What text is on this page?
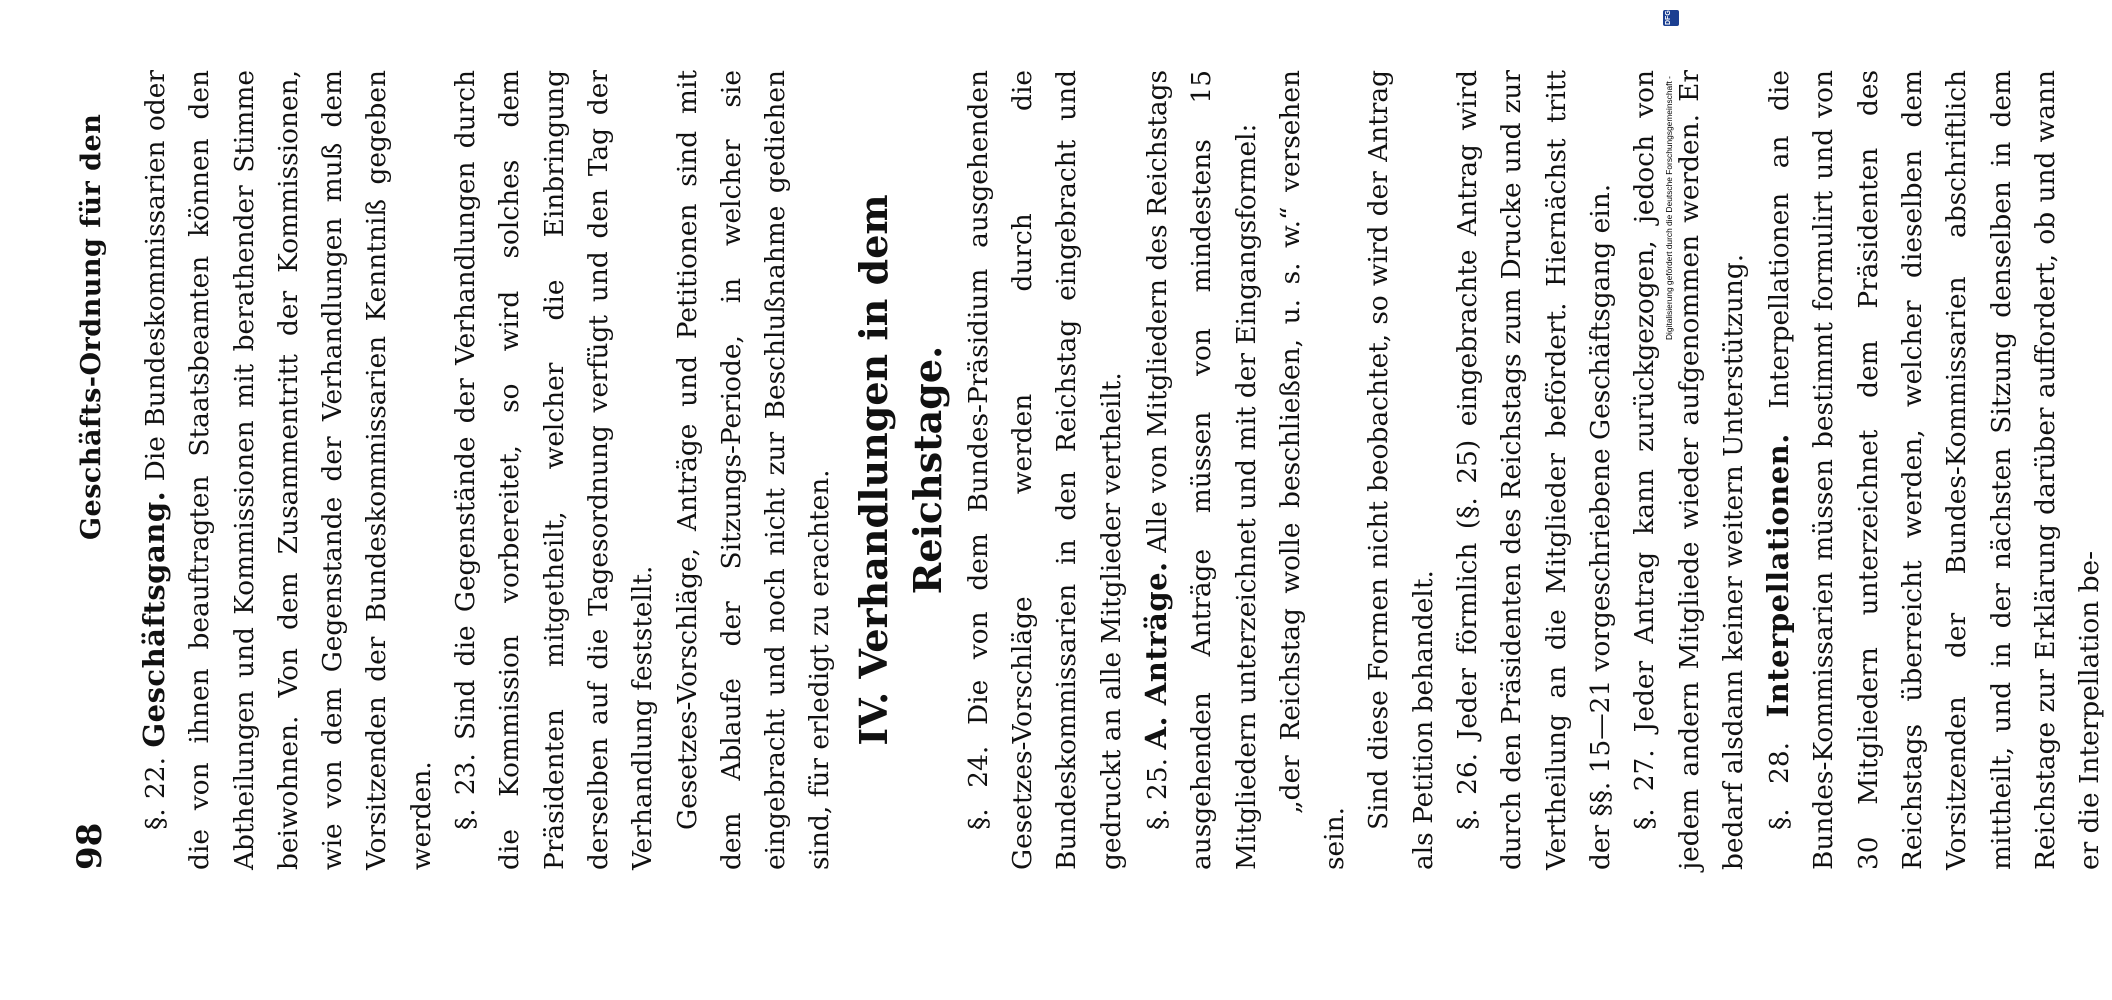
98
Geschäfts-Ordnung für den

§. 22. Geschäftsgang. Die Bundeskommissarien oder die von ihnen beauftragten Staatsbeamten können den Abtheilungen und Kommissionen mit berathender Stimme beiwohnen. Von dem Zusammentritt der Kommissionen, wie von dem Gegenstande der Verhandlungen muß dem Vorsitzenden der Bundeskommissarien Kenntniß gegeben werden. §. 23. Sind die Gegenstände der Verhandlungen durch die Kommission vorbereitet, so wird solches dem Präsidenten mitgetheilt, welcher die Einbringung derselben auf die Tagesordnung verfügt und den Tag der Verhandlung feststellt. Gesetzes-Vorschläge, Anträge und Petitionen sind mit dem Ablaufe der Sitzungs-Periode, in welcher sie eingebracht und noch nicht zur Beschlußnahme gediehen sind, für erledigt zu erachten. IV. Verhandlungen in dem Reichstage.

§. 24. Die von dem Bundes-Präsidium ausgehenden Gesetzes-Vorschläge werden durch die Bundeskommissarien in den Reichstag eingebracht und gedruckt an alle Mitglieder vertheilt. §. 25. A. Anträge. Alle von Mitgliedern des Reichstags ausgehenden Anträge müssen von mindestens 15 Mitgliedern unterzeichnet und mit der Eingangsformel: „der Reichstag wolle beschließen, u. s. w.“ versehen sein.

Sind diese Formen nicht beobachtet, so wird der Antrag als Petition behandelt. §. 26. Jeder förmlich (§. 25) eingebrachte Antrag wird durch den Präsidenten des Reichstags zum Drucke und zur Vertheilung an die Mitglieder befördert. Hiernächst tritt der §§. 15—21 vorgeschriebene Geschäftsgang ein. §. 27. Jeder Antrag kann zurückgezogen, jedoch von jedem andern Mitgliede wieder aufgenommen werden. Er bedarf alsdann keiner weitern Unterstützung. §. 28. Interpellationen. Interpellationen an die Bundes-Kommissarien müssen bestimmt formulirt und von 30 Mitgliedern unterzeichnet dem Präsidenten des Reichstags überreicht werden, welcher dieselben dem Vorsitzenden der Bundes-Kommissarien abschriftlich mittheilt, und in der nächsten Sitzung denselben in dem Reichstage zur Erklärung darüber auffordert, ob und wann er die Interpellation be-

DFG
Digitalisierung gefördert durch die Deutsche Forschungsgemeinschaft -
